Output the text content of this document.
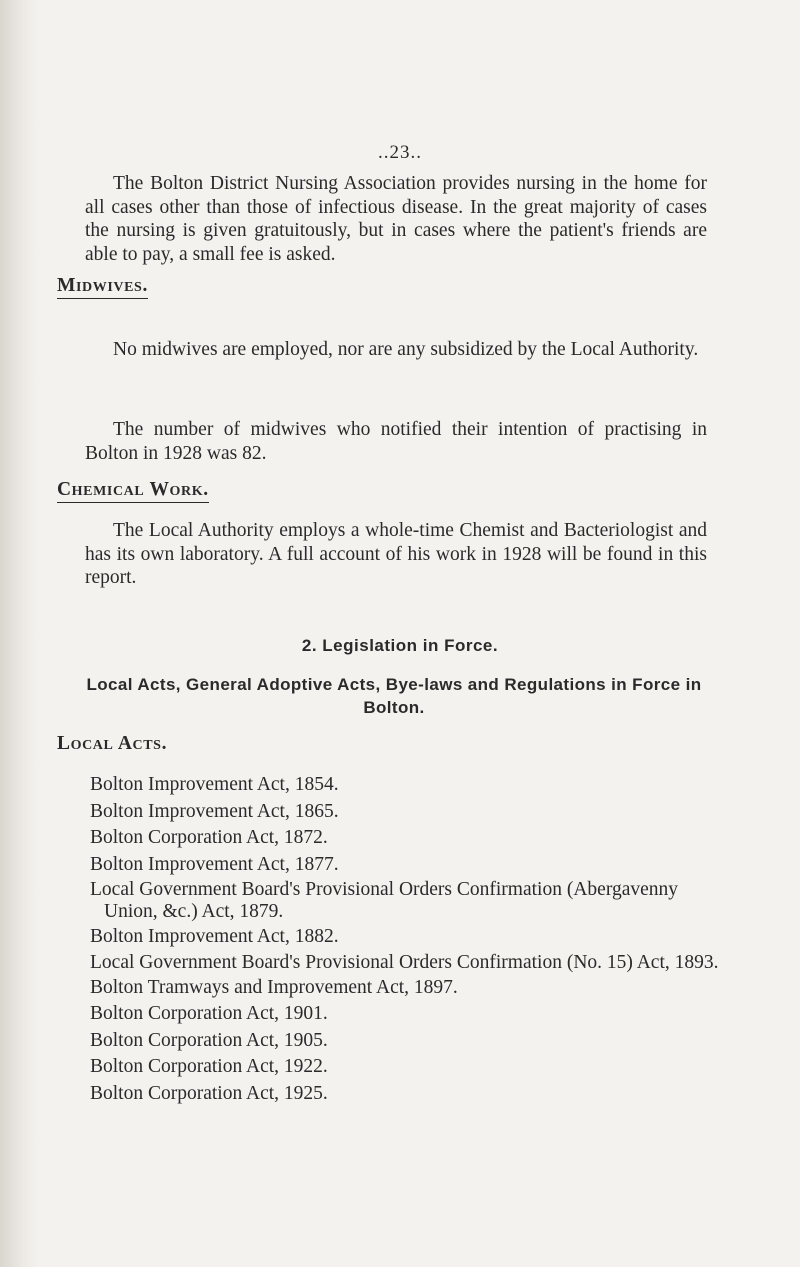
..23..

The Bolton District Nursing Association provides nursing in the home for all cases other than those of infectious disease. In the great majority of cases the nursing is given gratuitously, but in cases where the patient's friends are able to pay, a small fee is asked.

Midwives.

No midwives are employed, nor are any subsidized by the Local Authority.

The number of midwives who notified their intention of practising in Bolton in 1928 was 82.

Chemical Work.

The Local Authority employs a whole-time Chemist and Bacteriologist and has its own laboratory. A full account of his work in 1928 will be found in this report.

2. Legislation in Force.

Local Acts, General Adoptive Acts, Bye-laws and Regulations in Force in Bolton.

Local Acts.
Bolton Improvement Act, 1854.
Bolton Improvement Act, 1865.
Bolton Corporation Act, 1872.
Bolton Improvement Act, 1877.
Local Government Board's Provisional Orders Confirmation (Abergavenny Union, &c.) Act, 1879.
Bolton Improvement Act, 1882.
Local Government Board's Provisional Orders Confirmation (No. 15) Act, 1893.
Bolton Tramways and Improvement Act, 1897.
Bolton Corporation Act, 1901.
Bolton Corporation Act, 1905.
Bolton Corporation Act, 1922.
Bolton Corporation Act, 1925.
